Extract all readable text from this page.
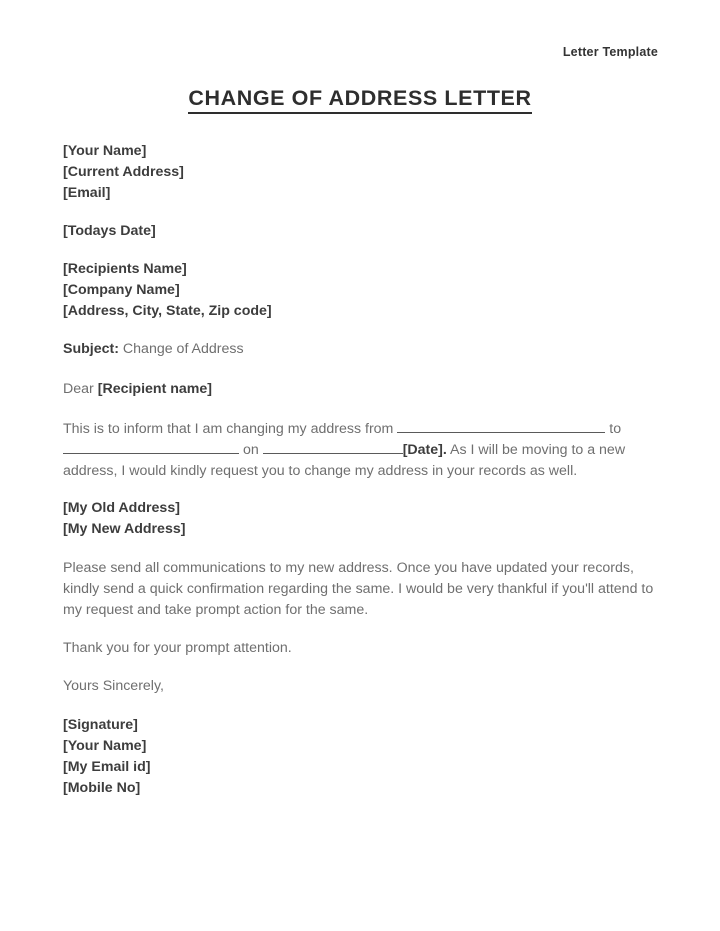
Letter Template
CHANGE OF ADDRESS LETTER
[Your Name]
[Current Address]
[Email]
[Todays Date]
[Recipients Name]
[Company Name]
[Address, City, State, Zip code]
Subject: Change of Address
Dear [Recipient name]
This is to inform that I am changing my address from	to  on	[Date]. As I will be moving to a new address, I would kindly request you to change my address in your records as well.
[My Old Address]
[My New Address]
Please send all communications to my new address. Once you have updated your records, kindly send a quick confirmation regarding the same. I would be very thankful if you'll attend to my request and take prompt action for the same.
Thank you for your prompt attention.
Yours Sincerely,
[Signature]
[Your Name]
[My Email id]
[Mobile No]
